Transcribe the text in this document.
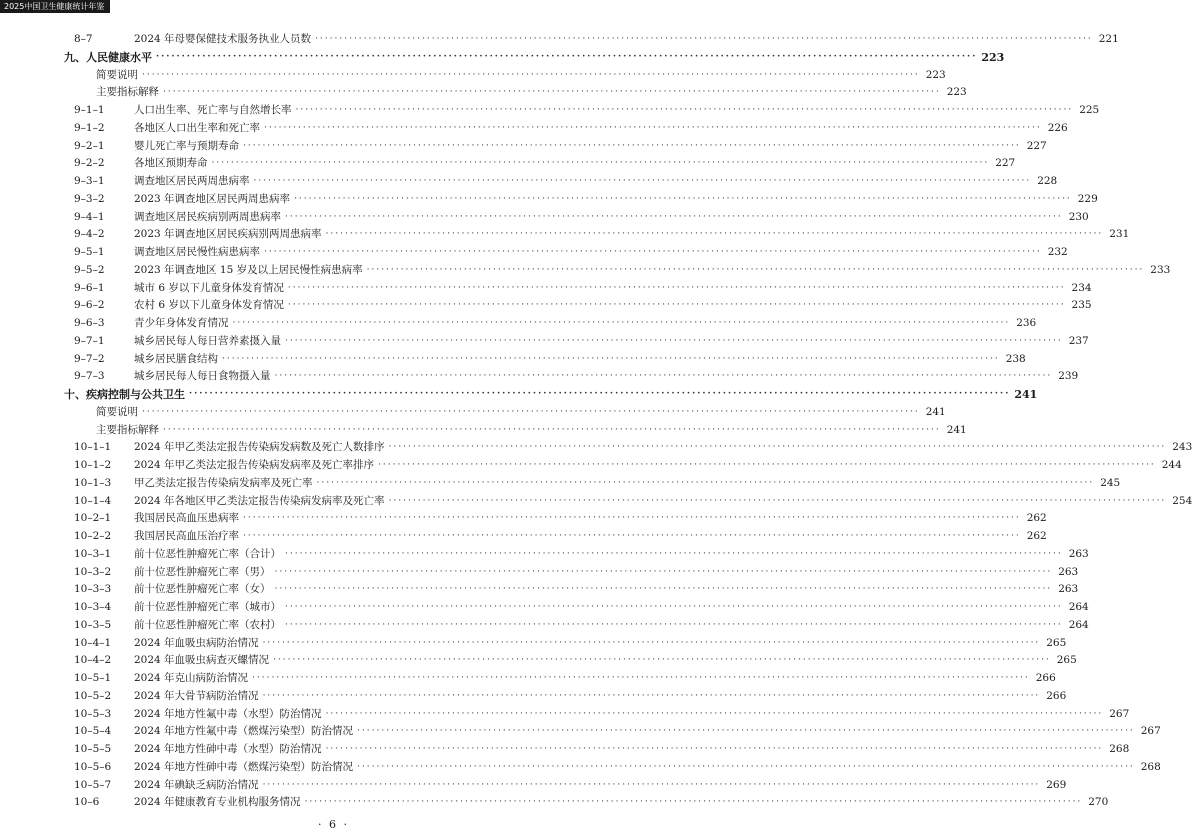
2025中国卫生健康统计年鉴
8–7	2024 年母婴保健技术服务执业人员数 ································································································································································ 221
九、人民健康水平 ································································································································································ 223
简要说明 ································································································································································ 223
主要指标解释 ································································································································································ 223
9–1–1	人口出生率、死亡率与自然增长率 ································································································································································ 225
9–1–2	各地区人口出生率和死亡率 ································································································································································ 226
9–2–1	婴儿死亡率与预期寿命 ································································································································································ 227
9–2–2	各地区预期寿命 ································································································································································ 227
9–3–1	调查地区居民两周患病率 ································································································································································ 228
9–3–2	2023 年调查地区居民两周患病率 ································································································································································ 229
9–4–1	调查地区居民疾病别两周患病率 ································································································································································ 230
9–4–2	2023 年调查地区居民疾病别两周患病率 ································································································································································ 231
9–5–1	调查地区居民慢性病患病率 ································································································································································ 232
9–5–2	2023 年调查地区 15 岁及以上居民慢性病患病率 ································································································································································ 233
9–6–1	城市 6 岁以下儿童身体发育情况 ································································································································································ 234
9–6–2	农村 6 岁以下儿童身体发育情况 ································································································································································ 235
9–6–3	青少年身体发育情况 ································································································································································ 236
9–7–1	城乡居民每人每日营养素摄入量 ································································································································································ 237
9–7–2	城乡居民膳食结构 ································································································································································ 238
9–7–3	城乡居民每人每日食物摄入量 ································································································································································ 239
十、疾病控制与公共卫生 ································································································································································ 241
简要说明 ································································································································································ 241
主要指标解释 ································································································································································ 241
10–1–1	2024 年甲乙类法定报告传染病发病数及死亡人数排序 ································································································································································ 243
10–1–2	2024 年甲乙类法定报告传染病发病率及死亡率排序 ································································································································································ 244
10–1–3	甲乙类法定报告传染病发病率及死亡率 ································································································································································ 245
10–1–4	2024 年各地区甲乙类法定报告传染病发病率及死亡率 ································································································································································ 254
10–2–1	我国居民高血压患病率 ································································································································································ 262
10–2–2	我国居民高血压治疗率 ································································································································································ 262
10–3–1	前十位恶性肿瘤死亡率（合计） ································································································································································ 263
10–3–2	前十位恶性肿瘤死亡率（男） ································································································································································ 263
10–3–3	前十位恶性肿瘤死亡率（女） ································································································································································ 263
10–3–4	前十位恶性肿瘤死亡率（城市） ································································································································································ 264
10–3–5	前十位恶性肿瘤死亡率（农村） ································································································································································ 264
10–4–1	2024 年血吸虫病防治情况 ································································································································································ 265
10–4–2	2024 年血吸虫病查灭螺情况 ································································································································································ 265
10–5–1	2024 年克山病防治情况 ································································································································································ 266
10–5–2	2024 年大骨节病防治情况 ································································································································································ 266
10–5–3	2024 年地方性氟中毒（水型）防治情况 ································································································································································ 267
10–5–4	2024 年地方性氟中毒（燃煤污染型）防治情况 ································································································································································ 267
10–5–5	2024 年地方性砷中毒（水型）防治情况 ································································································································································ 268
10–5–6	2024 年地方性砷中毒（燃煤污染型）防治情况 ································································································································································ 268
10–5–7	2024 年碘缺乏病防治情况 ································································································································································ 269
10–6	2024 年健康教育专业机构服务情况 ································································································································································ 270
· 6 ·
